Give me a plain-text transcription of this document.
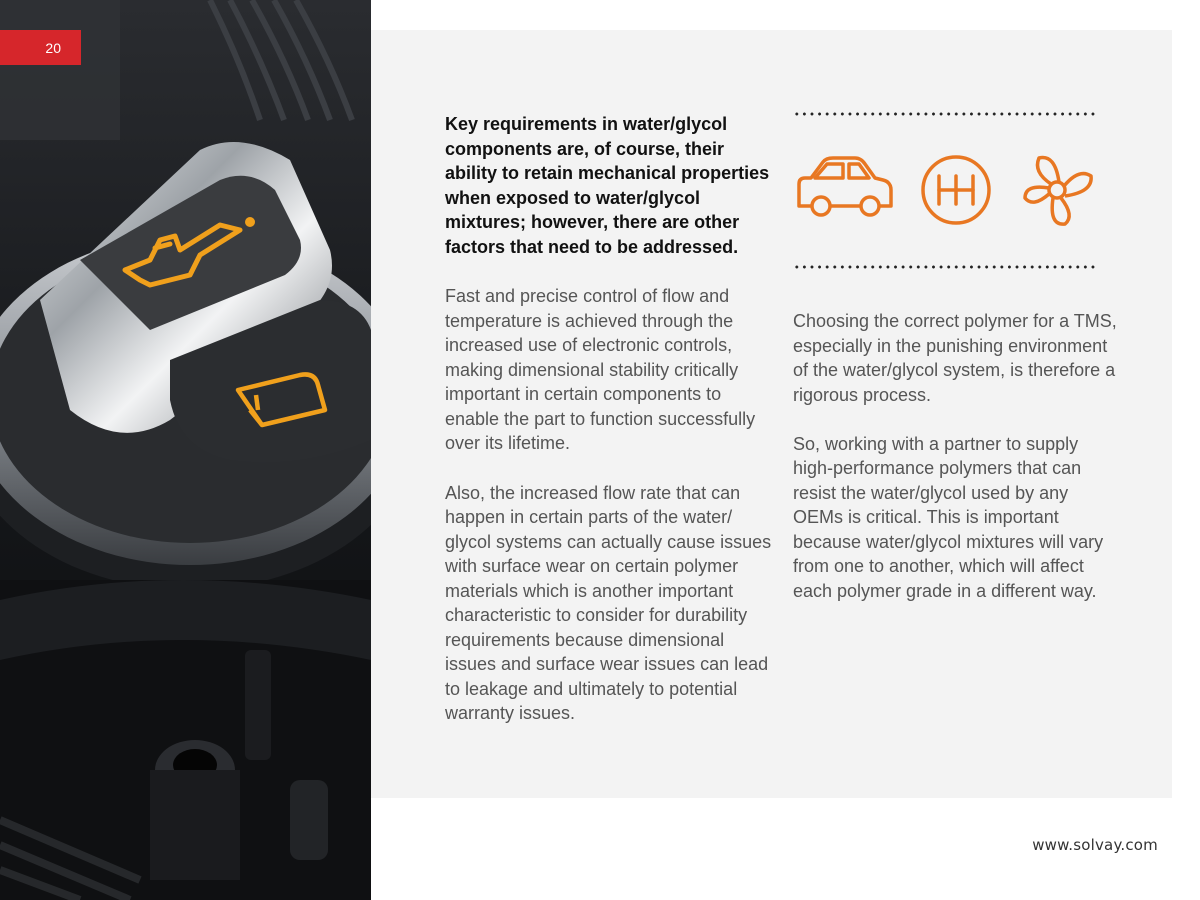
20

Key requirements in water/glycol components are, of course, their ability to retain mechanical properties when exposed to water/glycol mixtures; however, there are other factors that need to be addressed.

Fast and precise control of flow and temperature is achieved through the increased use of electronic controls, making dimensional stability critically important in certain components to enable the part to function successfully over its lifetime.

Also, the increased flow rate that can happen in certain parts of the water/ glycol systems can actually cause issues with surface wear on certain polymer materials which is another important characteristic to consider for durability requirements because dimensional issues and surface wear issues can lead to leakage and ultimately to potential warranty issues.

Choosing the correct polymer for a TMS, especially in the punishing environment of the water/glycol system, is therefore a rigorous process.

So, working with a partner to supply high-performance polymers that can resist the water/glycol used by any OEMs is critical. This is important because water/glycol mixtures will vary from one to another, which will affect each polymer grade in a different way.

www.solvay.com
